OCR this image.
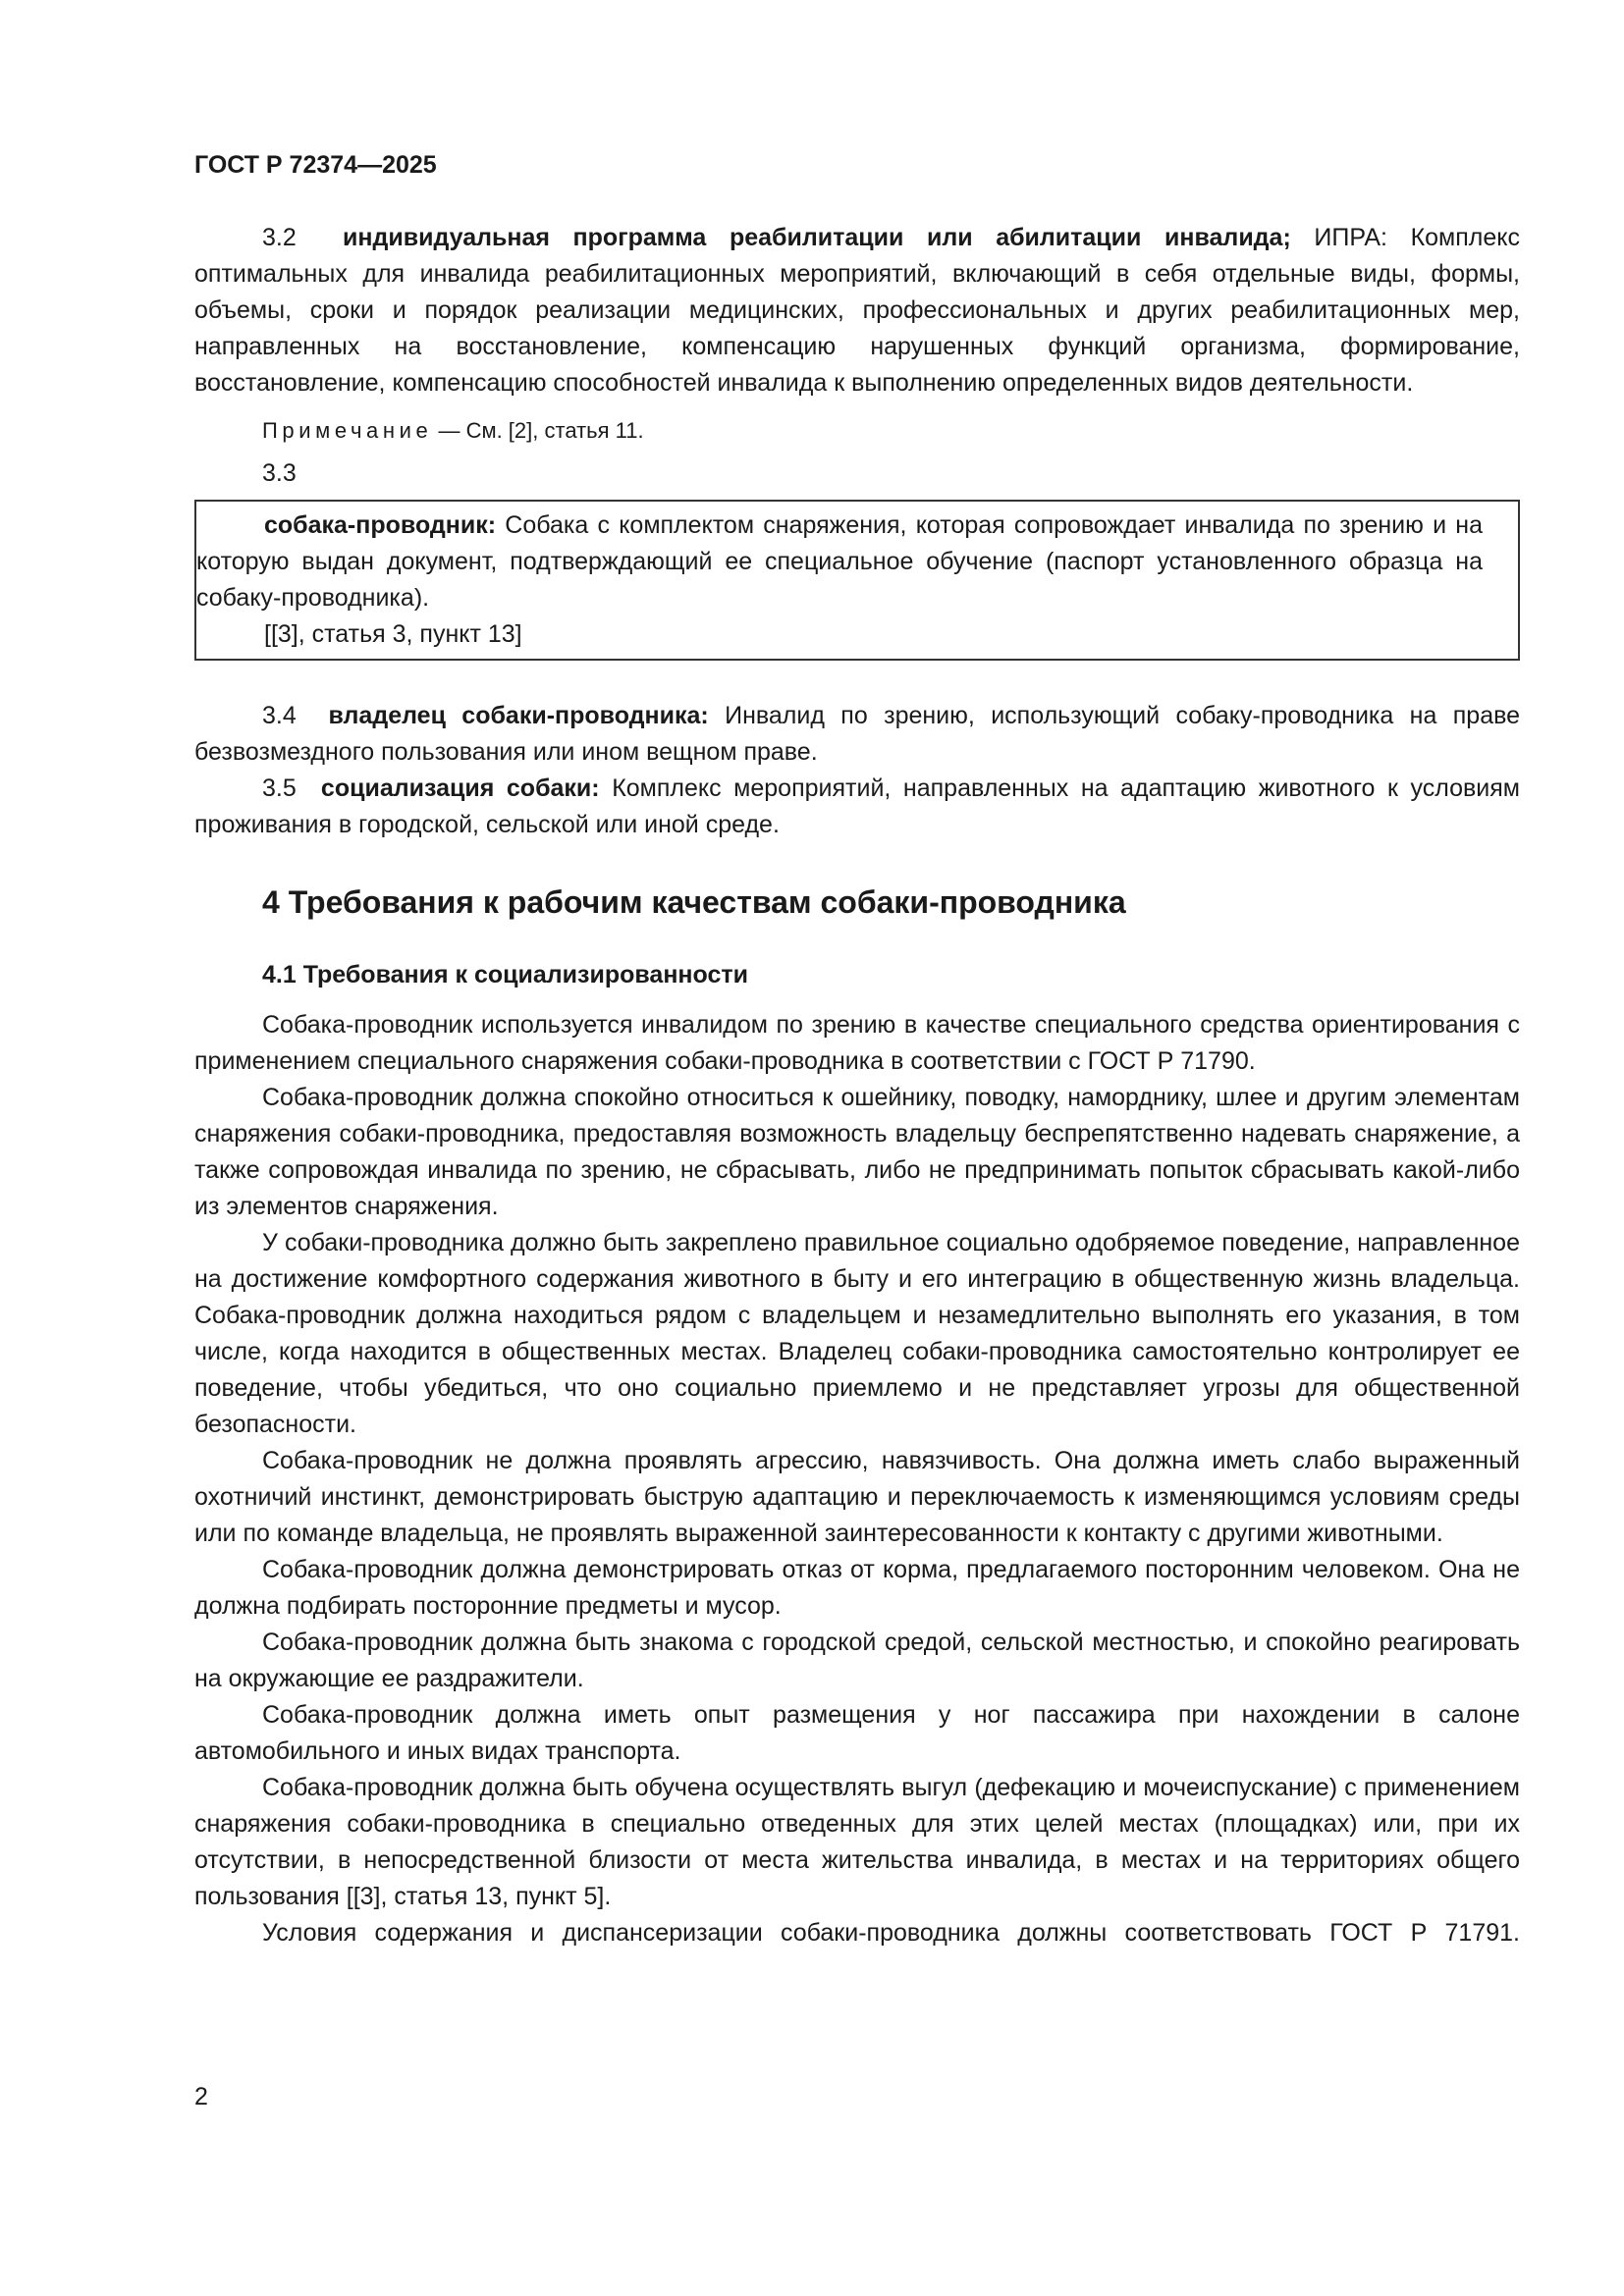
ГОСТ Р 72374—2025

3.2 индивидуальная программа реабилитации или абилитации инвалида; ИПРА: Комплекс оптимальных для инвалида реабилитационных мероприятий, включающий в себя отдельные виды, формы, объемы, сроки и порядок реализации медицинских, профессиональных и других реабилитационных мер, направленных на восстановление, компенсацию нарушенных функций организма, формирование, восстановление, компенсацию способностей инвалида к выполнению определенных видов деятельности.

Примечание — См. [2], статья 11.
3.3

собака-проводник: Собака с комплектом снаряжения, которая сопровождает инвалида по зрению и на которую выдан документ, подтверждающий ее специальное обучение (паспорт установленного образца на собаку-проводника).

[[3], статья 3, пункт 13]

3.4 владелец собаки-проводника: Инвалид по зрению, использующий собаку-проводника на праве безвозмездного пользования или ином вещном праве.

3.5 социализация собаки: Комплекс мероприятий, направленных на адаптацию животного к условиям проживания в городской, сельской или иной среде.

4 Требования к рабочим качествам собаки-проводника
4.1 Требования к социализированности

Собака-проводник используется инвалидом по зрению в качестве специального средства ориентирования с применением специального снаряжения собаки-проводника в соответствии с ГОСТ Р 71790.

Собака-проводник должна спокойно относиться к ошейнику, поводку, наморднику, шлее и другим элементам снаряжения собаки-проводника, предоставляя возможность владельцу беспрепятственно надевать снаряжение, а также сопровождая инвалида по зрению, не сбрасывать, либо не предпринимать попыток сбрасывать какой-либо из элементов снаряжения.

У собаки-проводника должно быть закреплено правильное социально одобряемое поведение, направленное на достижение комфортного содержания животного в быту и его интеграцию в общественную жизнь владельца. Собака-проводник должна находиться рядом с владельцем и незамедлительно выполнять его указания, в том числе, когда находится в общественных местах. Владелец собаки-проводника самостоятельно контролирует ее поведение, чтобы убедиться, что оно социально приемлемо и не представляет угрозы для общественной безопасности.

Собака-проводник не должна проявлять агрессию, навязчивость. Она должна иметь слабо выраженный охотничий инстинкт, демонстрировать быструю адаптацию и переключаемость к изменяющимся условиям среды или по команде владельца, не проявлять выраженной заинтересованности к контакту с другими животными.

Собака-проводник должна демонстрировать отказ от корма, предлагаемого посторонним человеком. Она не должна подбирать посторонние предметы и мусор.

Собака-проводник должна быть знакома с городской средой, сельской местностью, и спокойно реагировать на окружающие ее раздражители.

Собака-проводник должна иметь опыт размещения у ног пассажира при нахождении в салоне автомобильного и иных видах транспорта.

Собака-проводник должна быть обучена осуществлять выгул (дефекацию и мочеиспускание) с применением снаряжения собаки-проводника в специально отведенных для этих целей местах (площадках) или, при их отсутствии, в непосредственной близости от места жительства инвалида, в местах и на территориях общего пользования [[3], статья 13, пункт 5].

Условия содержания и диспансеризации собаки-проводника должны соответствовать ГОСТ Р 71791.

2
